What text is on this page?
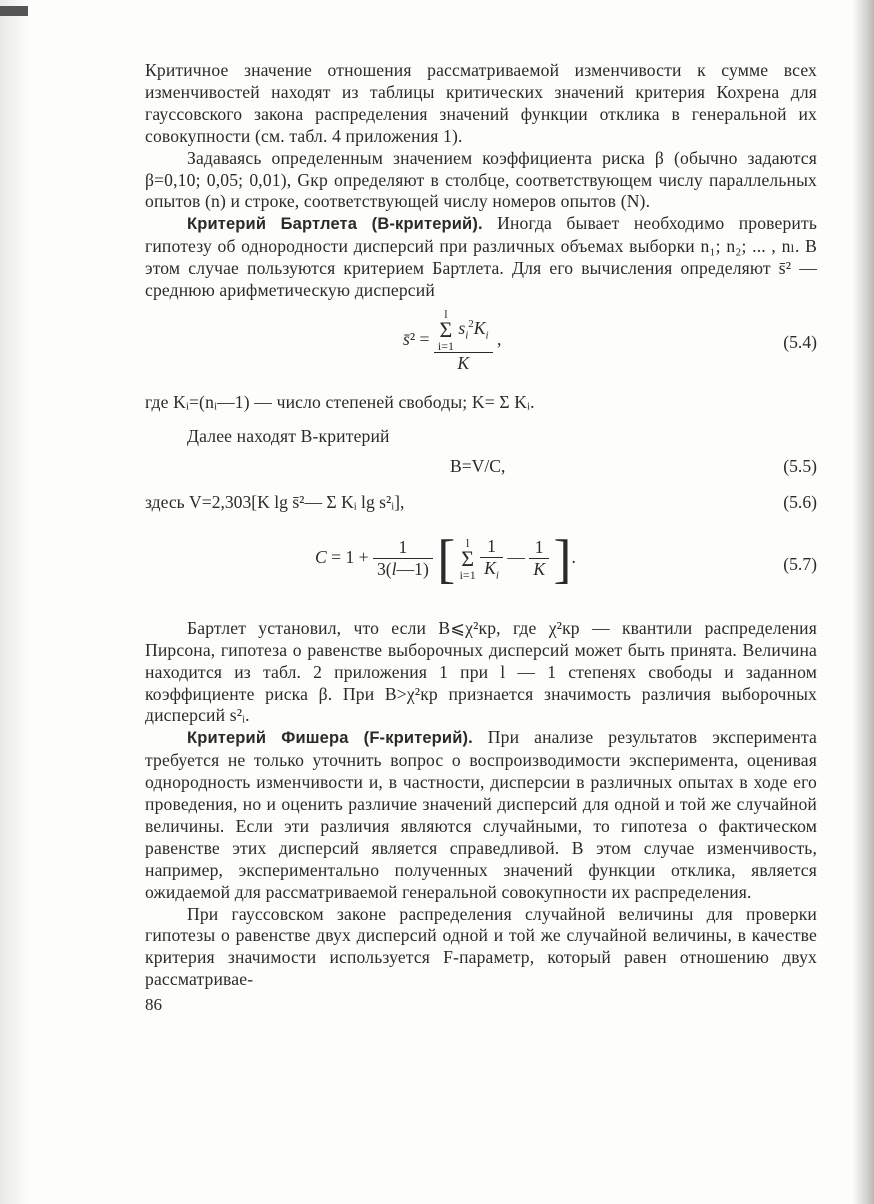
Критичное значение отношения рассматриваемой изменчивости к сумме всех изменчивостей находят из таблицы критических значений критерия Кохрена для гауссовского закона распределения значений функции отклика в генеральной их совокупности (см. табл. 4 приложения 1).

Задаваясь определенным значением коэффициента риска β (обычно задаются β=0,10; 0,05; 0,01), Gкр определяют в столбце, соответствующем числу параллельных опытов (n) и строке, соответствующей числу номеров опытов (N).

Критерий Бартлета (B-критерий). Иногда бывает необходимо проверить гипотезу об однородности дисперсий при различных объемах выборки n₁; n₂; ... , nₗ. В этом случае пользуются критерием Бартлета. Для его вычисления определяют s̄² — среднюю арифметическую дисперсий

s̄² = l
Σ
i=1 $s_i^2K_i$
K ,	(5.4)

где Kᵢ=(nᵢ—1) — число степеней свободы; K= Σ Kᵢ.

Далее находят B-критерий

B=V/C,	(5.5)
здесь V=2,303[K lg s̄²— Σ Kᵢ lg s²ᵢ],	(5.6)
$C = 1 + \frac{1}{3(l—1)}$ [ l
Σ
$i=1 \frac{1}{K_i}$ — $\frac{1}{K}$ ].	(5.7)

Бартлет установил, что если B⩽χ²кр, где χ²кр — квантили распределения Пирсона, гипотеза о равенстве выборочных дисперсий может быть принята. Величина находится из табл. 2 приложения 1 при l — 1 степенях свободы и заданном коэффициенте риска β. При B>χ²кр признается значимость различия выборочных дисперсий s²ᵢ.

Критерий Фишера (F-критерий). При анализе результатов эксперимента требуется не только уточнить вопрос о воспроизводимости эксперимента, оценивая однородность изменчивости и, в частности, дисперсии в различных опытах в ходе его проведения, но и оценить различие значений дисперсий для одной и той же случайной величины. Если эти различия являются случайными, то гипотеза о фактическом равенстве этих дисперсий является справедливой. В этом случае изменчивость, например, экспериментально полученных значений функции отклика, является ожидаемой для рассматриваемой генеральной совокупности их распределения.

При гауссовском законе распределения случайной величины для проверки гипотезы о равенстве двух дисперсий одной и той же случайной величины, в качестве критерия значимости используется F-параметр, который равен отношению двух рассматривае-

86
